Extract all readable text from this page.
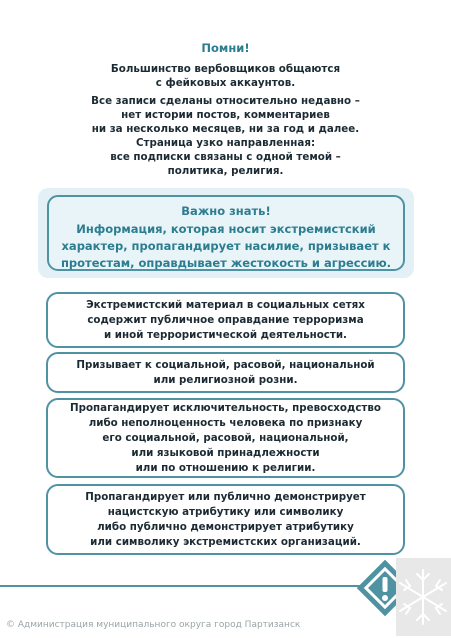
Помни!

Большинство вербовщиков общаются
с фейковых аккаунтов.

Все записи сделаны относительно недавно –
нет истории постов, комментариев
ни за несколько месяцев, ни за год и далее.
Страница узко направленная:
все подписки связаны с одной темой –
политика, религия.

Важно знать!
Информация, которая носит экстремистский
характер, пропагандирует насилие, призывает к
протестам, оправдывает жестокость и агрессию.
Экстремистский материал в социальных сетях
содержит публичное оправдание терроризма
и иной террористической деятельности.
Призывает к социальной, расовой, национальной
или религиозной розни.
Пропагандирует исключительность, превосходство
либо неполноценность человека по признаку
его социальной, расовой, национальной,
или языковой принадлежности
или по отношению к религии.
Пропагандирует или публично демонстрирует
нацистскую атрибутику или символику
либо публично демонстрирует атрибутику
или символику экстремистских организаций.
© Администрация муниципального округа город Партизанск
